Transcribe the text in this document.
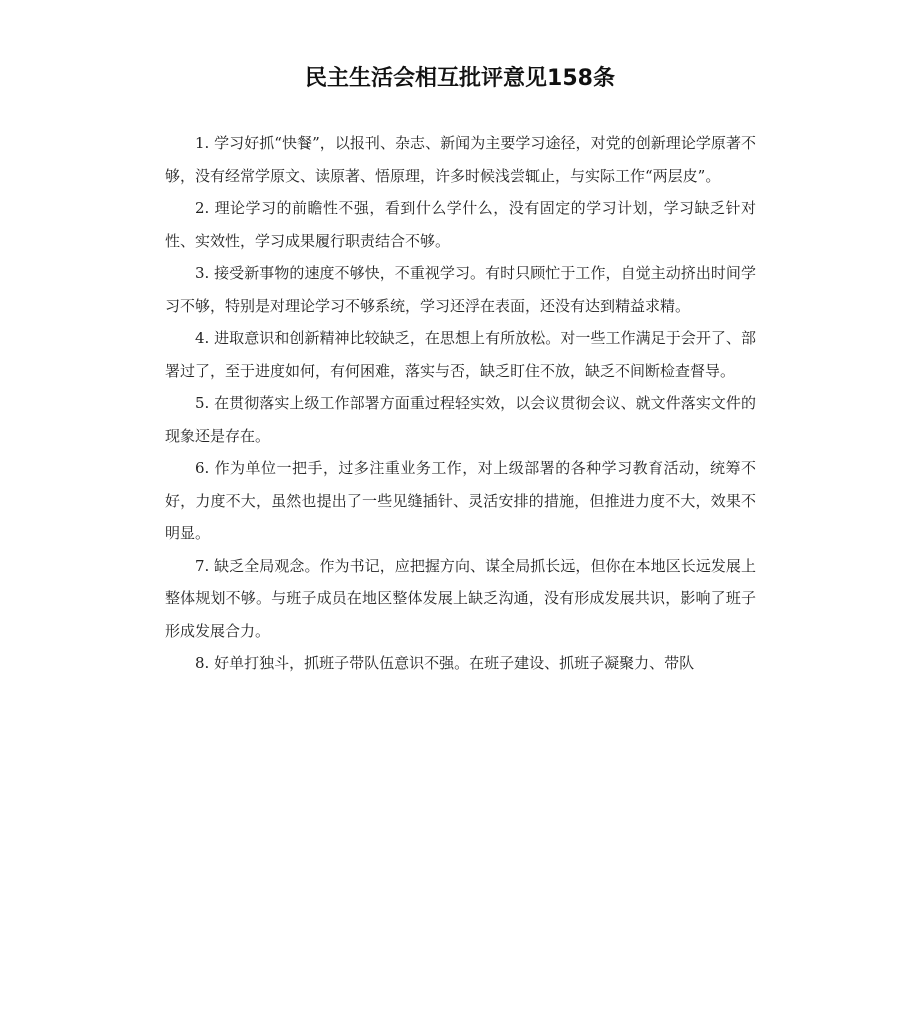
民主生活会相互批评意见158条

1. 学习好抓“快餐”，以报刊、杂志、新闻为主要学习途径，对党的创新理论学原著不够，没有经常学原文、读原著、悟原理，许多时候浅尝辄止，与实际工作“两层皮”。

2. 理论学习的前瞻性不强，看到什么学什么，没有固定的学习计划，学习缺乏针对性、实效性，学习成果履行职责结合不够。

3. 接受新事物的速度不够快，不重视学习。有时只顾忙于工作，自觉主动挤出时间学习不够，特别是对理论学习不够系统，学习还浮在表面，还没有达到精益求精。

4. 进取意识和创新精神比较缺乏，在思想上有所放松。对一些工作满足于会开了、部署过了，至于进度如何，有何困难，落实与否，缺乏盯住不放，缺乏不间断检查督导。

5. 在贯彻落实上级工作部署方面重过程轻实效，以会议贯彻会议、就文件落实文件的现象还是存在。

6. 作为单位一把手，过多注重业务工作，对上级部署的各种学习教育活动，统筹不好，力度不大，虽然也提出了一些见缝插针、灵活安排的措施，但推进力度不大，效果不明显。

7. 缺乏全局观念。作为书记，应把握方向、谋全局抓长远，但你在本地区长远发展上整体规划不够。与班子成员在地区整体发展上缺乏沟通，没有形成发展共识，影响了班子形成发展合力。

8. 好单打独斗，抓班子带队伍意识不强。在班子建设、抓班子凝聚力、带队
